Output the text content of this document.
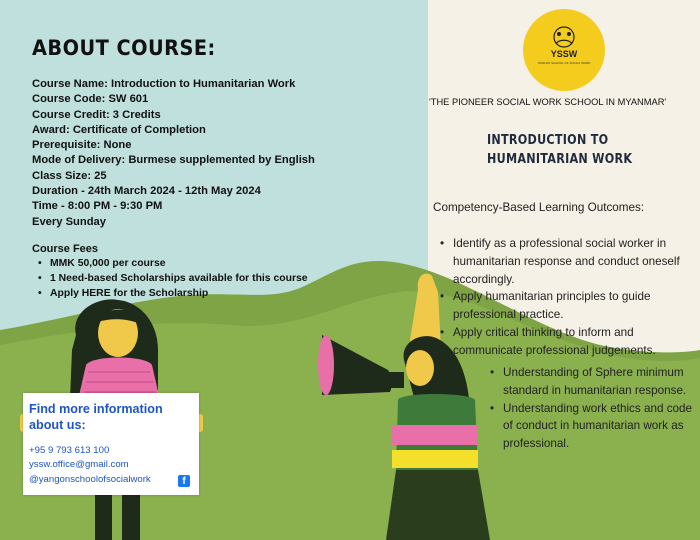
ABOUT COURSE:
Course Name: Introduction to Humanitarian Work
Course Code: SW 601
Course Credit: 3 Credits
Award: Certificate of Completion
Prerequisite: None
Mode of Delivery: Burmese supplemented by English
Class Size: 25
Duration - 24th March 2024 - 12th May 2024
Time - 8:00 PM - 9:30 PM
Every Sunday
Course Fees
• MMK 50,000 per course
• 1 Need-based Scholarships available for this course
• Apply HERE for the Scholarship
YSSW
YANGON SCHOOL OF SOCIAL WORK
'THE PIONEER SOCIAL WORK SCHOOL IN MYANMAR'
INTRODUCTION TO
HUMANITARIAN WORK
Competency-Based Learning Outcomes:
• Identify as a professional social worker in humanitarian response and conduct oneself accordingly.
• Apply humanitarian principles to guide professional practice.
• Apply critical thinking to inform and communicate professional judgements.
• Understanding of Sphere minimum standard in humanitarian response.
• Understanding work ethics and code of conduct in humanitarian work as professional.
Find more information about us:
+95 9 793 613 100
yssw.office@gmail.com
@yangonschoolofsocialwork	f
